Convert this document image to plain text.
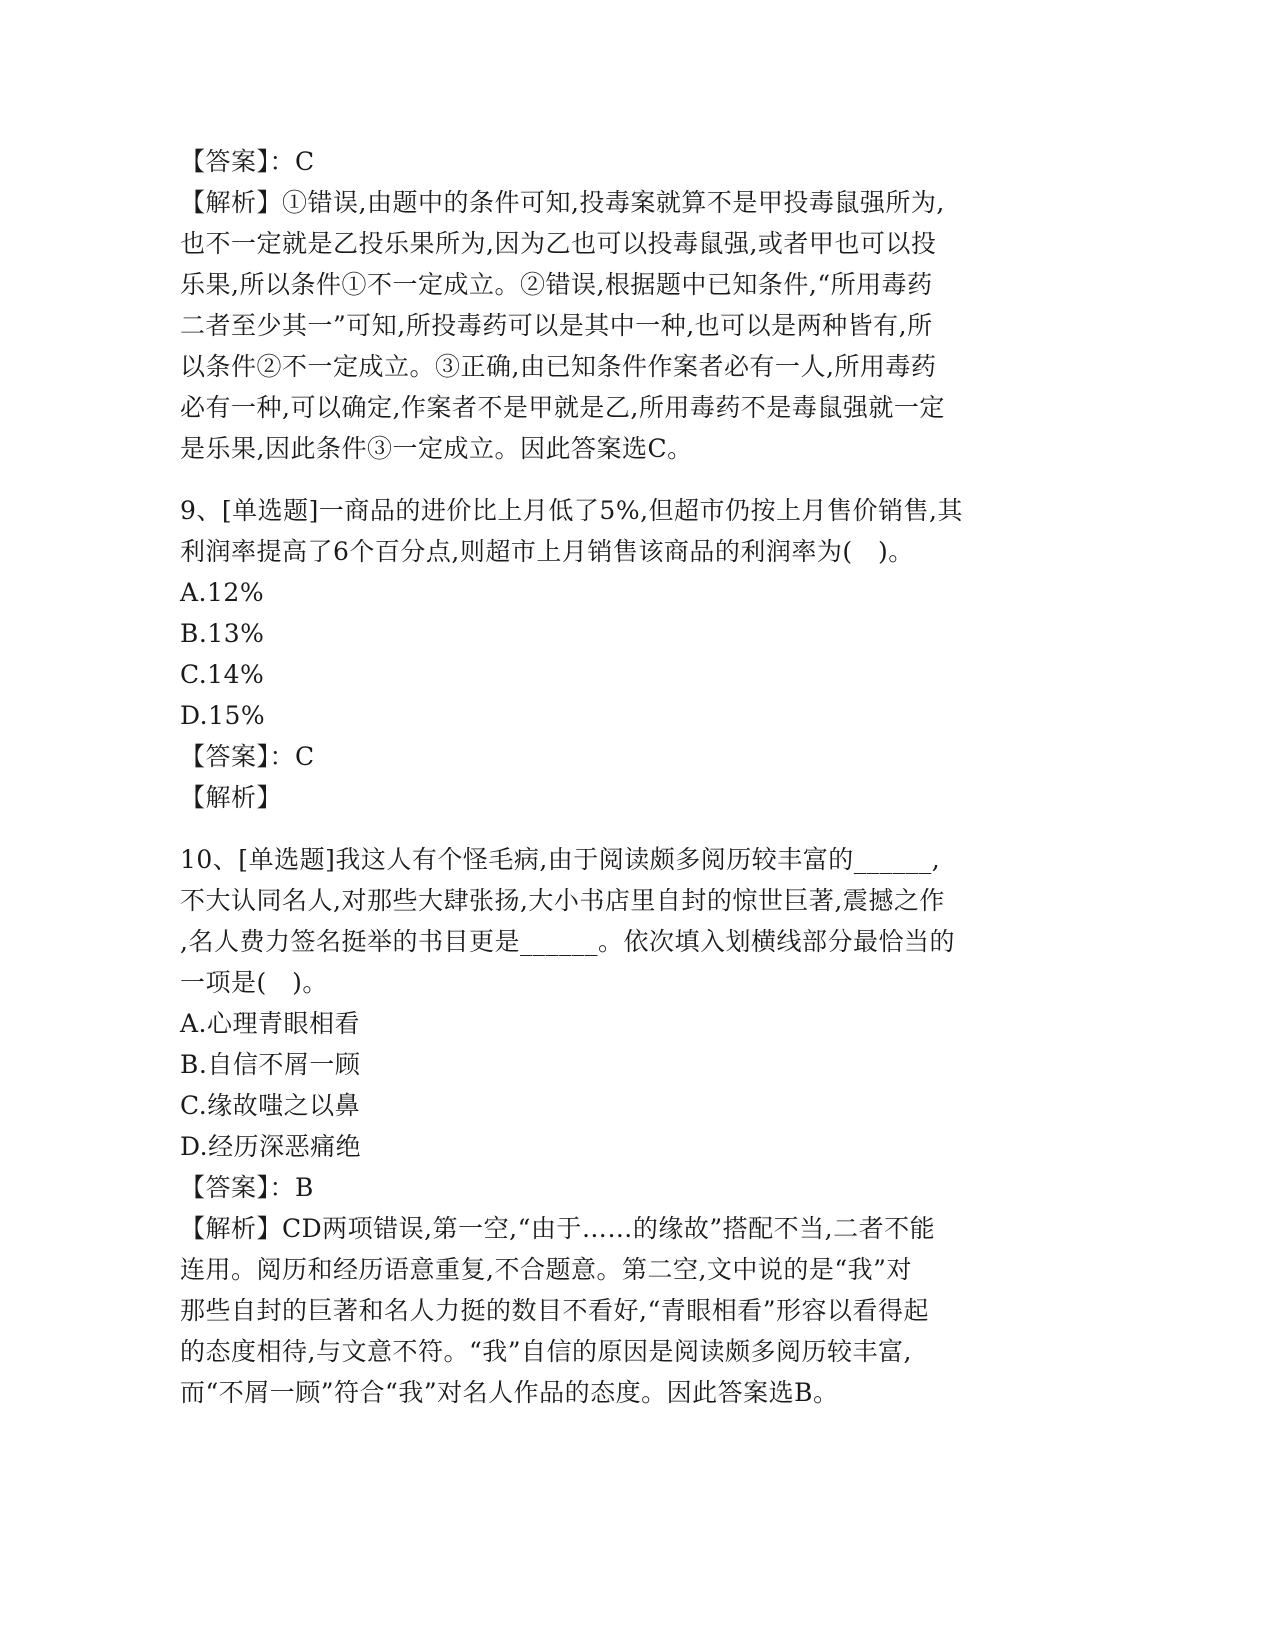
【答案】：C
【解析】①错误,由题中的条件可知,投毒案就算不是甲投毒鼠强所为,
也不一定就是乙投乐果所为,因为乙也可以投毒鼠强,或者甲也可以投
乐果,所以条件①不一定成立。②错误,根据题中已知条件,“所用毒药
二者至少其一”可知,所投毒药可以是其中一种,也可以是两种皆有,所
以条件②不一定成立。③正确,由已知条件作案者必有一人,所用毒药
必有一种,可以确定,作案者不是甲就是乙,所用毒药不是毒鼠强就一定
是乐果,因此条件③一定成立。因此答案选C。
9、[单选题]一商品的进价比上月低了5%,但超市仍按上月售价销售,其
利润率提高了6个百分点,则超市上月销售该商品的利润率为(   )。
A.12%
B.13%
C.14%
D.15%
【答案】：C
【解析】
10、[单选题]我这人有个怪毛病,由于阅读颇多阅历较丰富的______,
不大认同名人,对那些大肆张扬,大小书店里自封的惊世巨著,震撼之作
,名人费力签名挺举的书目更是______。依次填入划横线部分最恰当的
一项是(   )。
A.心理青眼相看
B.自信不屑一顾
C.缘故嗤之以鼻
D.经历深恶痛绝
【答案】：B
【解析】CD两项错误,第一空,“由于……的缘故”搭配不当,二者不能
连用。阅历和经历语意重复,不合题意。第二空,文中说的是“我”对
那些自封的巨著和名人力挺的数目不看好,“青眼相看”形容以看得起
的态度相待,与文意不符。“我”自信的原因是阅读颇多阅历较丰富,
而“不屑一顾”符合“我”对名人作品的态度。因此答案选B。
